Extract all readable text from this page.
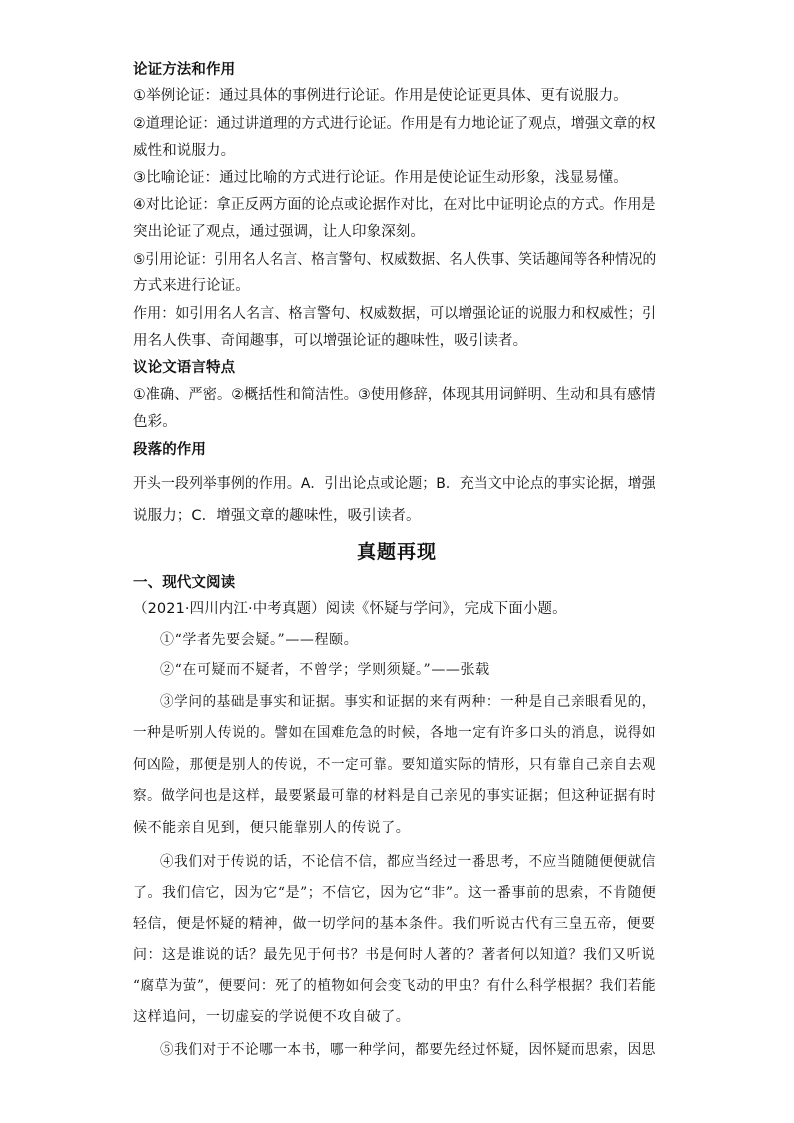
论证方法和作用
①举例论证：通过具体的事例进行论证。作用是使论证更具体、更有说服力。
②道理论证：通过讲道理的方式进行论证。作用是有力地论证了观点，增强文章的权
威性和说服力。
③比喻论证：通过比喻的方式进行论证。作用是使论证生动形象，浅显易懂。
④对比论证：拿正反两方面的论点或论据作对比，在对比中证明论点的方式。作用是
突出论证了观点，通过强调，让人印象深刻。
⑤引用论证：引用名人名言、格言警句、权威数据、名人佚事、笑话趣闻等各种情况的
方式来进行论证。
作用：如引用名人名言、格言警句、权威数据，可以增强论证的说服力和权威性；引
用名人佚事、奇闻趣事，可以增强论证的趣味性，吸引读者。
议论文语言特点
①准确、严密。②概括性和简洁性。③使用修辞，体现其用词鲜明、生动和具有感情
色彩。
段落的作用
开头一段列举事例的作用。A．引出论点或论题；B．充当文中论点的事实论据，增强
说服力；C．增强文章的趣味性，吸引读者。
真题再现
一、现代文阅读
（2021·四川内江·中考真题）阅读《怀疑与学问》，完成下面小题。
①“学者先要会疑。”——程颐。
②“在可疑而不疑者，不曾学；学则须疑。”——张载
③学问的基础是事实和证据。事实和证据的来有两种：一种是自己亲眼看见的，
一种是听别人传说的。譬如在国难危急的时候，各地一定有许多口头的消息，说得如
何凶险，那便是别人的传说，不一定可靠。要知道实际的情形，只有靠自己亲自去观
察。做学问也是这样，最要紧最可靠的材料是自己亲见的事实证据；但这种证据有时
候不能亲自见到，便只能靠别人的传说了。
④我们对于传说的话，不论信不信，都应当经过一番思考，不应当随随便便就信
了。我们信它，因为它“是”；不信它，因为它“非”。这一番事前的思索，不肯随便
轻信，便是怀疑的精神，做一切学问的基本条件。我们听说古代有三皇五帝，便要
问：这是谁说的话？最先见于何书？书是何时人著的？著者何以知道？我们又听说
“腐草为萤”，便要问：死了的植物如何会变飞动的甲虫？有什么科学根据？我们若能
这样追问，一切虚妄的学说便不攻自破了。
⑤我们对于不论哪一本书，哪一种学问，都要先经过怀疑，因怀疑而思索，因思
